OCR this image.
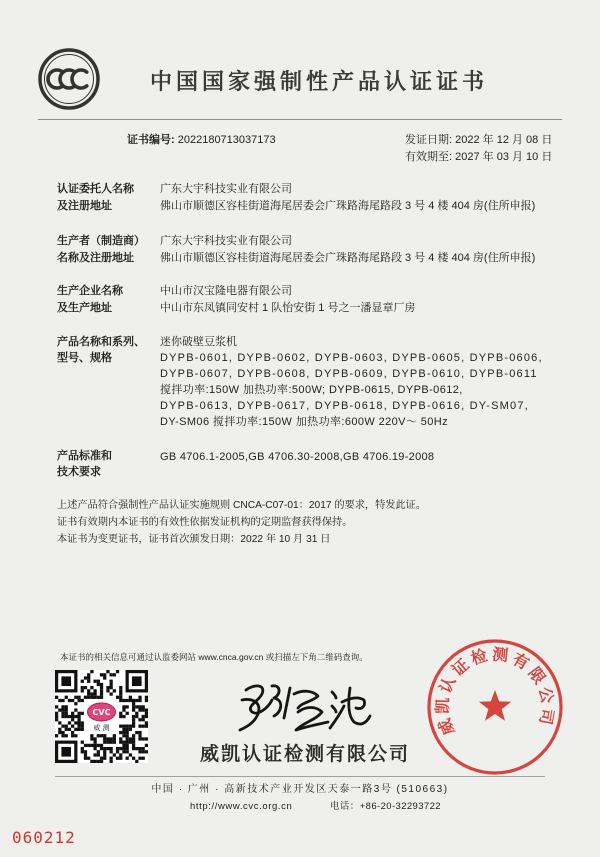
中国国家强制性产品认证证书
证书编号: 2022180713037173	发证日期: 2022 年 12 月 08 日
有效期至: 2027 年 03 月 10 日
认证委托人名称
及注册地址
广东大宇科技实业有限公司
佛山市顺德区容桂街道海尾居委会广珠路海尾路段 3 号 4 楼 404 房(住所申报)
生产者（制造商）
名称及注册地址
广东大宇科技实业有限公司
佛山市顺德区容桂街道海尾居委会广珠路海尾路段 3 号 4 楼 404 房(住所申报)
生产企业名称
及生产地址
中山市汉宝隆电器有限公司
中山市东凤镇同安村 1 队怡安街 1 号之一潘显章厂房
产品名称和系列、
型号、规格
迷你破壁豆浆机
DYPB-0601, DYPB-0602, DYPB-0603, DYPB-0605, DYPB-0606,
DYPB-0607, DYPB-0608, DYPB-0609, DYPB-0610, DYPB-0611
搅拌功率:150W 加热功率:500W; DYPB-0615, DYPB-0612,
DYPB-0613, DYPB-0617, DYPB-0618, DYPB-0616, DY-SM07,
DY-SM06 搅拌功率:150W 加热功率:600W 220V～ 50Hz
产品标准和
技术要求
GB 4706.1-2005,GB 4706.30-2008,GB 4706.19-2008
上述产品符合强制性产品认证实施规则 CNCA-C07-01：2017 的要求，特发此证。
证书有效期内本证书的有效性依据发证机构的定期监督获得保持。
本证书为变更证书，证书首次颁发日期：2022 年 10 月 31 日
本证书的相关信息可通过认监委网站 www.cnca.gov.cn 或扫描左下角二维码查询。
CVC
威 测
威凯认证检测有限公司
威凯认证检测有限公司
中国 · 广州 · 高新技术产业开发区天泰一路3号 (510663)
http://www.cvc.org.cn	电话：+86-20-32293722
060212
